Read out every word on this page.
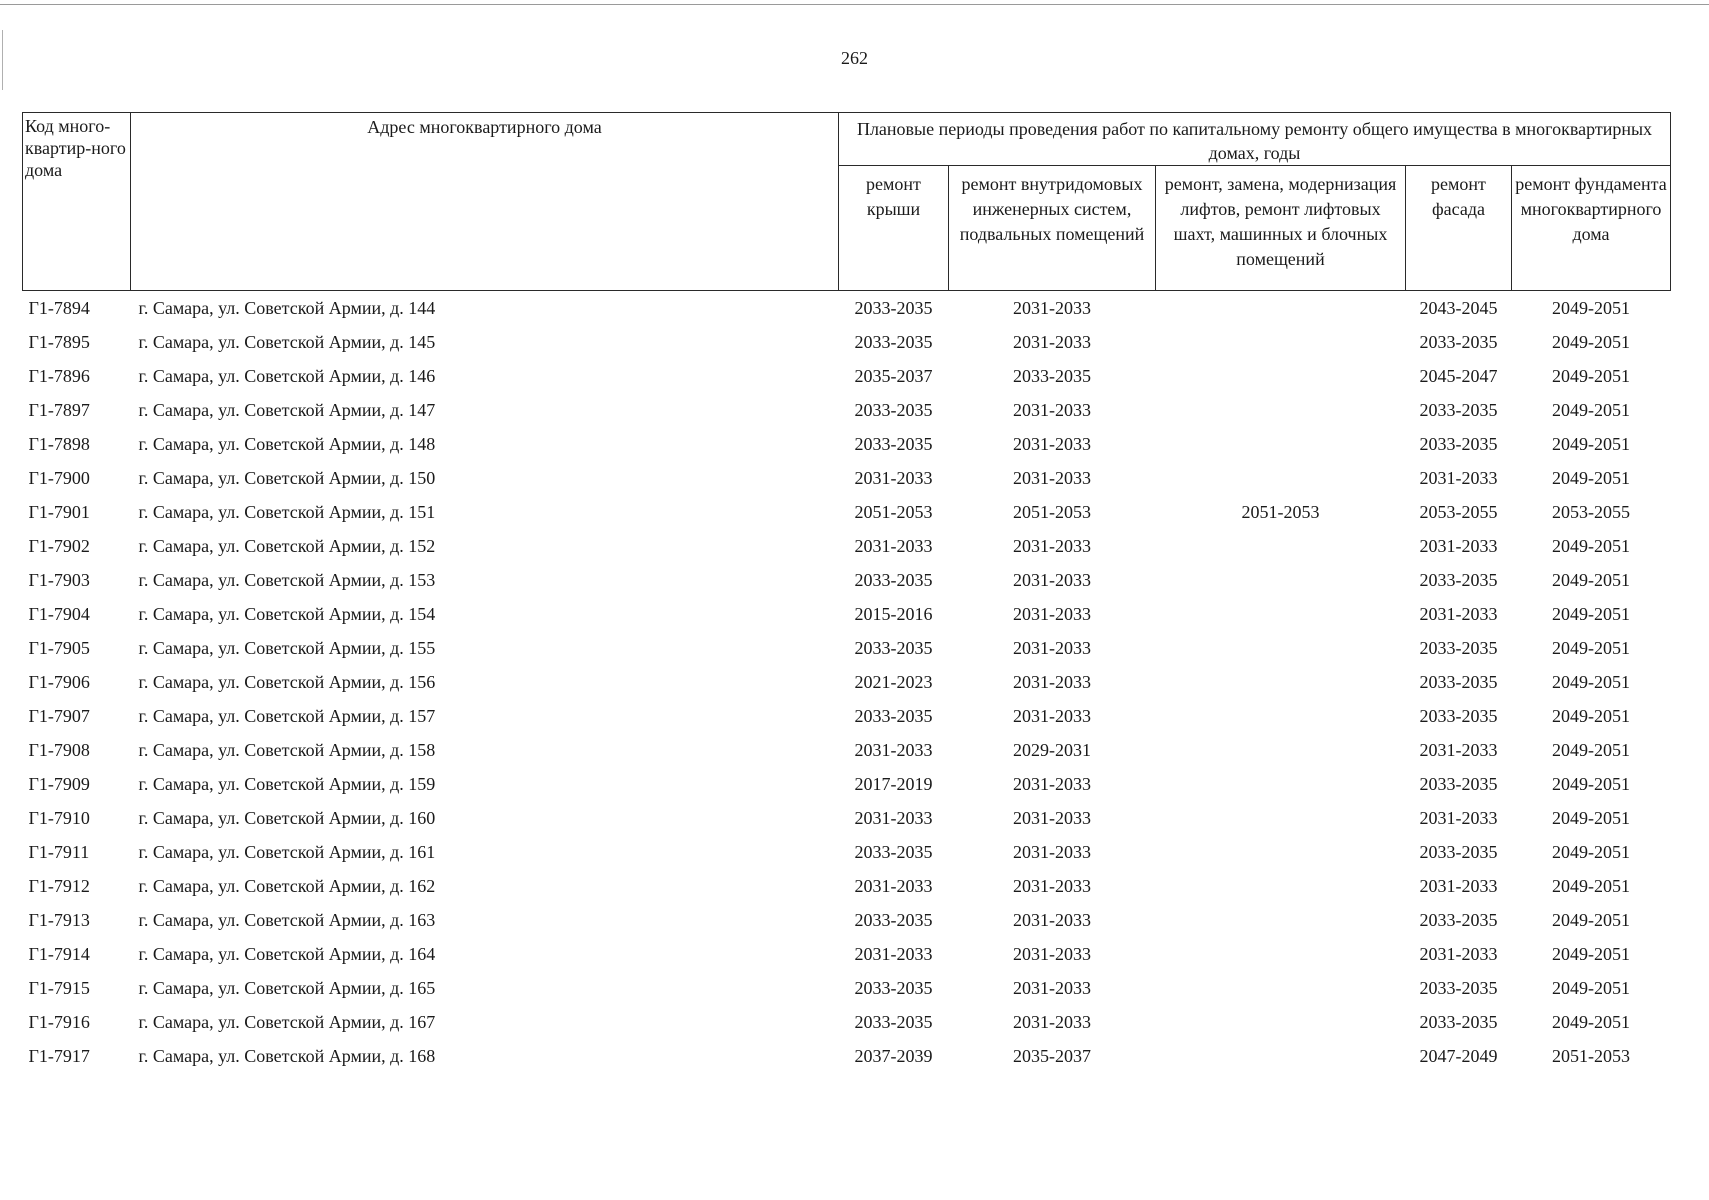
262
Код много-квартир-ного дома	Адрес многоквартирного дома	Плановые периоды проведения работ по капитальному ремонту общего имущества в многоквартирных домах, годы				
		ремонт крыши	ремонт внутридомовых инженерных систем, подвальных помещений	ремонт, замена, модернизация лифтов, ремонт лифтовых шахт, машинных и блочных помещений	ремонт фасада	ремонт фундамента многоквартирного дома
Г1-7894	г. Самара, ул. Советской Армии, д. 144	2033-2035	2031-2033		2043-2045	2049-2051
Г1-7895	г. Самара, ул. Советской Армии, д. 145	2033-2035	2031-2033		2033-2035	2049-2051
Г1-7896	г. Самара, ул. Советской Армии, д. 146	2035-2037	2033-2035		2045-2047	2049-2051
Г1-7897	г. Самара, ул. Советской Армии, д. 147	2033-2035	2031-2033		2033-2035	2049-2051
Г1-7898	г. Самара, ул. Советской Армии, д. 148	2033-2035	2031-2033		2033-2035	2049-2051
Г1-7900	г. Самара, ул. Советской Армии, д. 150	2031-2033	2031-2033		2031-2033	2049-2051
Г1-7901	г. Самара, ул. Советской Армии, д. 151	2051-2053	2051-2053	2051-2053	2053-2055	2053-2055
Г1-7902	г. Самара, ул. Советской Армии, д. 152	2031-2033	2031-2033		2031-2033	2049-2051
Г1-7903	г. Самара, ул. Советской Армии, д. 153	2033-2035	2031-2033		2033-2035	2049-2051
Г1-7904	г. Самара, ул. Советской Армии, д. 154	2015-2016	2031-2033		2031-2033	2049-2051
Г1-7905	г. Самара, ул. Советской Армии, д. 155	2033-2035	2031-2033		2033-2035	2049-2051
Г1-7906	г. Самара, ул. Советской Армии, д. 156	2021-2023	2031-2033		2033-2035	2049-2051
Г1-7907	г. Самара, ул. Советской Армии, д. 157	2033-2035	2031-2033		2033-2035	2049-2051
Г1-7908	г. Самара, ул. Советской Армии, д. 158	2031-2033	2029-2031		2031-2033	2049-2051
Г1-7909	г. Самара, ул. Советской Армии, д. 159	2017-2019	2031-2033		2033-2035	2049-2051
Г1-7910	г. Самара, ул. Советской Армии, д. 160	2031-2033	2031-2033		2031-2033	2049-2051
Г1-7911	г. Самара, ул. Советской Армии, д. 161	2033-2035	2031-2033		2033-2035	2049-2051
Г1-7912	г. Самара, ул. Советской Армии, д. 162	2031-2033	2031-2033		2031-2033	2049-2051
Г1-7913	г. Самара, ул. Советской Армии, д. 163	2033-2035	2031-2033		2033-2035	2049-2051
Г1-7914	г. Самара, ул. Советской Армии, д. 164	2031-2033	2031-2033		2031-2033	2049-2051
Г1-7915	г. Самара, ул. Советской Армии, д. 165	2033-2035	2031-2033		2033-2035	2049-2051
Г1-7916	г. Самара, ул. Советской Армии, д. 167	2033-2035	2031-2033		2033-2035	2049-2051
Г1-7917	г. Самара, ул. Советской Армии, д. 168	2037-2039	2035-2037		2047-2049	2051-2053
